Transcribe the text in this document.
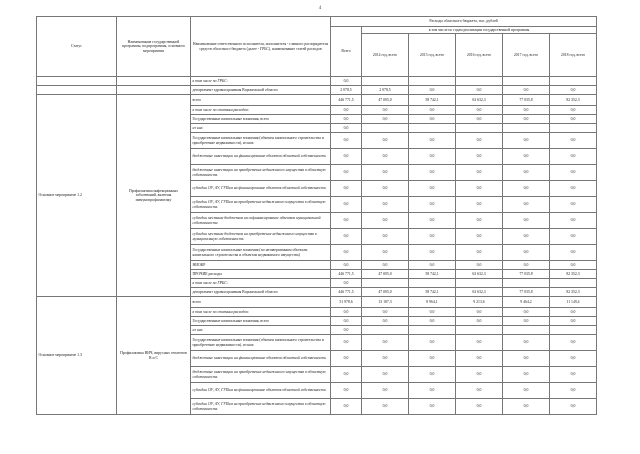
4
Статус	Наименование государственной программы, подпрограммы, основного мероприятия	Наименование ответственного исполнителя, исполнителя - главного распорядителя средств областного бюджета (далее - ГРБС), наименование статей расходов	Расходы областного бюджета, тыс. рублей					
			Всего	в том числе по годам реализации государственной программы				
				2014 год, всего	2015 год, всего	2016 год, всего	2017 год, всего	2018 год, всего
		в том числе по ГРБС:	0,0					
		департамент здравоохранения Воронежской области	2 078,5	2 078,5	0,0	0,0	0,0	0,0
Основное мероприятие 1.2	Профилактика инфекционных заболеваний, включая иммунопрофилактику	всего	446 771,5	47 005,0	58 742,1	63 632,3	77 035,8	82 352,3
		в том числе по статьям расходов:	0,0	0,0	0,0	0,0	0,0	0,0
		Государственные капитальные вложения, всего	0,0	0,0	0,0	0,0	0,0	0,0
		из них:	0,0					
		Государственные капитальные вложения (объекты капитального строительства и приобретение недвижимости), из них:	0,0	0,0	0,0	0,0	0,0	0,0
		бюджетные инвестиции на финансирование объектов областной собственности	0,0	0,0	0,0	0,0	0,0	0,0
		бюджетные инвестиции на приобретение недвижимого имущества в областную собственность	0,0	0,0	0,0	0,0	0,0	0,0
		субсидии ОУ, АУ, ГУПам на финансирование объектов областной собственности	0,0	0,0	0,0	0,0	0,0	0,0
		субсидии ОУ, АУ, ГУПам на приобретение недвижимого имущества в областную собственность	0,0	0,0	0,0	0,0	0,0	0,0
		субсидии местным бюджетам на софинансирование объектов муниципальной собственности	0,0	0,0	0,0	0,0	0,0	0,0
		субсидии местным бюджетам на приобретение недвижимого имущества в муниципальную собственность	0,0	0,0	0,0	0,0	0,0	0,0
		Государственные капитальные вложения (по незавершенным объектам капитального строительства и объектам недвижимого имущества)	0,0	0,0	0,0	0,0	0,0	0,0
		НИОКР	0,0	0,0	0,0	0,0	0,0	0,0
		ПРОЧИЕ расходы	446 771,5	47 005,0	58 742,1	63 632,3	77 035,8	82 352,3
		в том числе по ГРБС:	0,0					
		департамент здравоохранения Воронежской области	446 771,5	47 005,0	58 742,1	63 632,3	77 035,8	82 352,3
Основное мероприятие 1.3	Профилактика ВИЧ, вирусных гепатитов В и С	всего	51 978,6	13 187,3	8 964,1	9 213,6	9 464,2	11 149,4
		в том числе по статьям расходов:	0,0	0,0	0,0	0,0	0,0	0,0
		Государственные капитальные вложения, всего	0,0	0,0	0,0	0,0	0,0	0,0
		из них:	0,0					
		Государственные капитальные вложения (объекты капитального строительства и приобретение недвижимости), из них:	0,0	0,0	0,0	0,0	0,0	0,0
		бюджетные инвестиции на финансирование объектов областной собственности	0,0	0,0	0,0	0,0	0,0	0,0
		бюджетные инвестиции на приобретение недвижимого имущества в областную собственность	0,0	0,0	0,0	0,0	0,0	0,0
		субсидии ОУ, АУ, ГУПам на финансирование объектов областной собственности	0,0	0,0	0,0	0,0	0,0	0,0
		субсидии ОУ, АУ, ГУПам на приобретение недвижимого имущества в областную собственность	0,0	0,0	0,0	0,0	0,0	0,0
